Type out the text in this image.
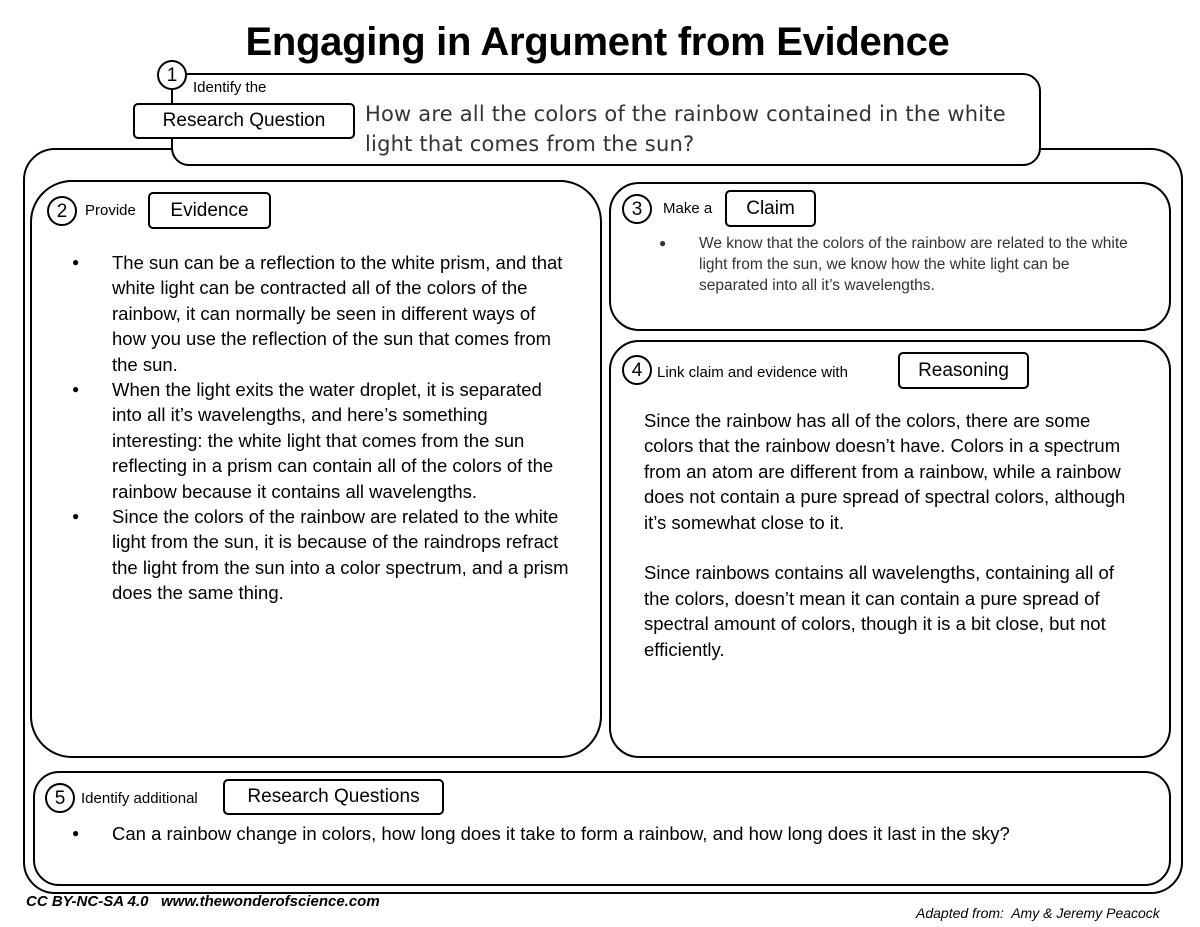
Engaging in Argument from Evidence
1
Identify the
Research Question	How are all the colors of the rainbow contained in the white light that comes from the sun?
2	Provide	Evidence
● The sun can be a reflection to the white prism, and that white light can be contracted all of the colors of the rainbow, it can normally be seen in different ways of how you use the reflection of the sun that comes from the sun.
● When the light exits the water droplet, it is separated into all it’s wavelengths, and here’s something interesting: the white light that comes from the sun reflecting in a prism can contain all of the colors of the rainbow because it contains all wavelengths.
● Since the colors of the rainbow are related to the white light from the sun, it is because of the raindrops refract the light from the sun into a color spectrum, and a prism does the same thing.
3	Make a	Claim
● We know that the colors of the rainbow are related to the white light from the sun, we know how the white light can be separated into all it’s wavelengths.
4 Link claim and evidence with	Reasoning

Since the rainbow has all of the colors, there are some colors that the rainbow doesn’t have. Colors in a spectrum from an atom are different from a rainbow, while a rainbow does not contain a pure spread of spectral colors, although it’s somewhat close to it.

Since rainbows contains all wavelengths, containing all of the colors, doesn’t mean it can contain a pure spread of spectral amount of colors, though it is a bit close, but not efficiently.

5	Identify additional	Research Questions
● Can a rainbow change in colors, how long does it take to form a rainbow, and how long does it last in the sky?
CC BY-NC-SA 4.0   www.thewonderofscience.com
Adapted from:  Amy & Jeremy Peacock
